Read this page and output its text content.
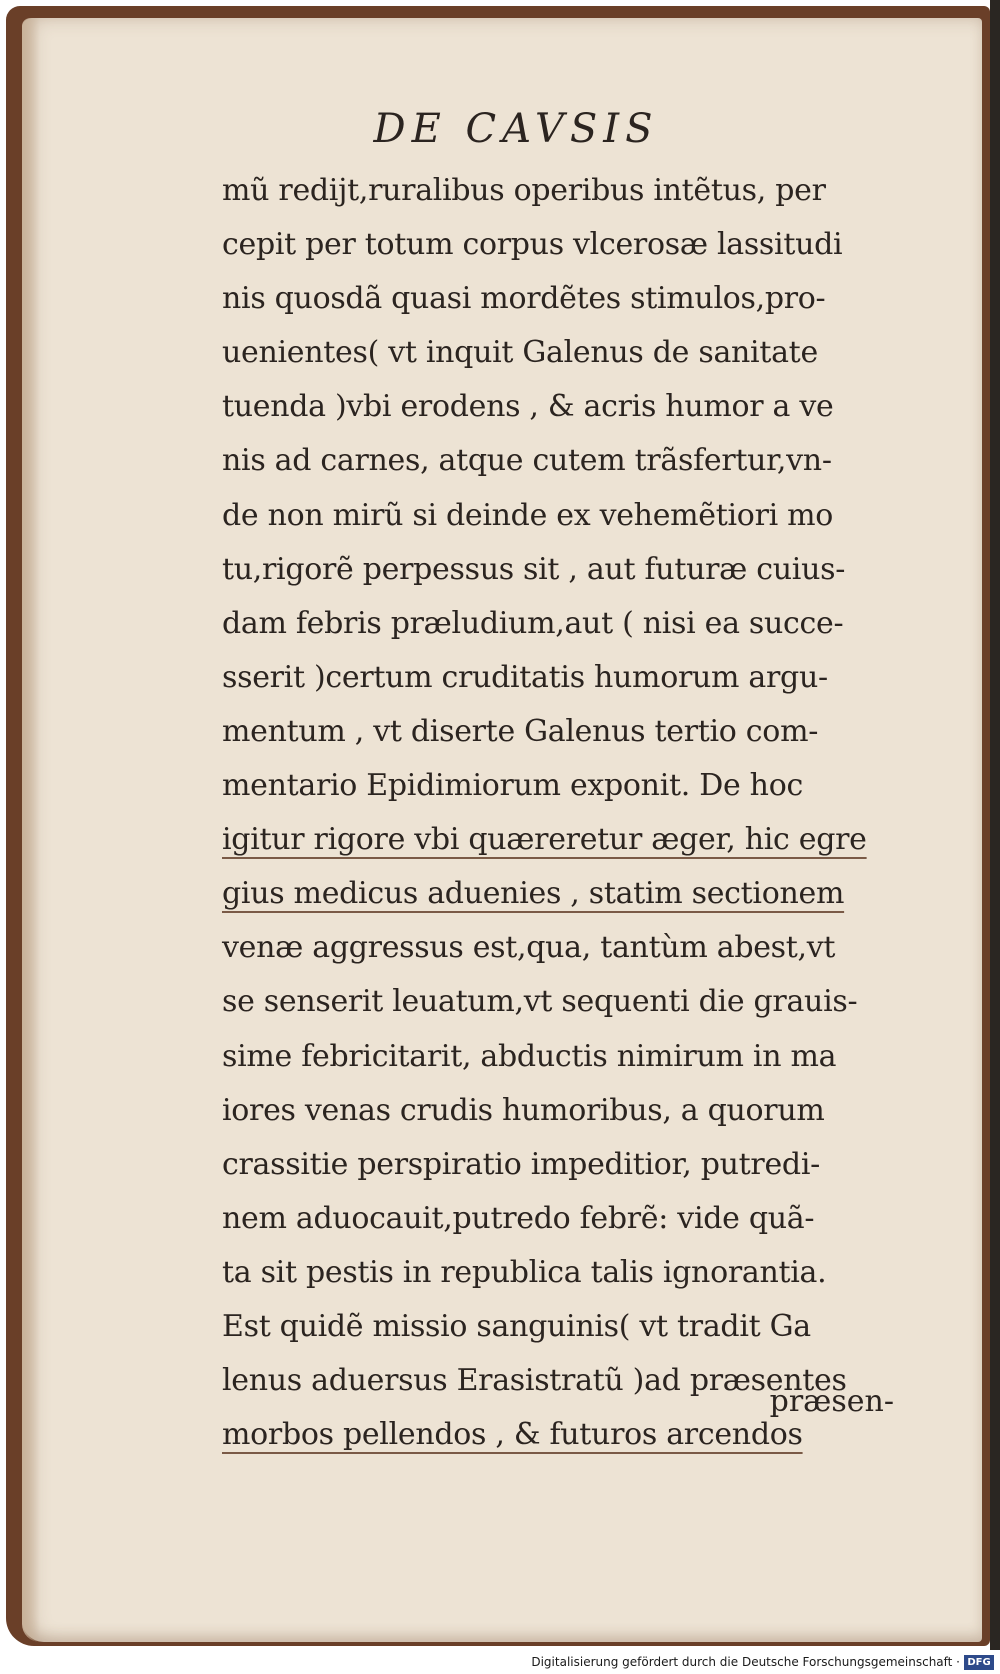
DE CAVSIS
mũ redijt,ruralibus operibus intẽtus, per
cepit per totum corpus vlcerosæ lassitudi
nis quosdã quasi mordẽtes stimulos,pro-
uenientes( vt inquit Galenus de sanitate
tuenda )vbi erodens , & acris humor a ve
nis ad carnes, atque cutem trãsfertur,vn-
de non mirũ si deinde ex vehemẽtiori mo
tu,rigorẽ perpessus sit , aut futuræ cuius-
dam febris præludium,aut ( nisi ea succe-
sserit )certum cruditatis humorum argu-
mentum , vt diserte Galenus tertio com-
mentario Epidimiorum exponit. De hoc
igitur rigore vbi quæreretur æger, hic egre
gius medicus aduenies , statim sectionem
venæ aggressus est,qua, tantùm abest,vt
se senserit leuatum,vt sequenti die grauis-
sime febricitarit, abductis nimirum in ma
iores venas crudis humoribus, a quorum
crassitie perspiratio impeditior, putredi-
nem aduocauit,putredo febrẽ: vide quã-
ta sit pestis in republica talis ignorantia.
Est quidẽ missio sanguinis( vt tradit Ga
lenus aduersus Erasistratũ )ad præsentes
morbos pellendos , & futuros arcendos
præsen-
Digitalisierung gefördert durch die Deutsche Forschungsgemeinschaft · DFG
